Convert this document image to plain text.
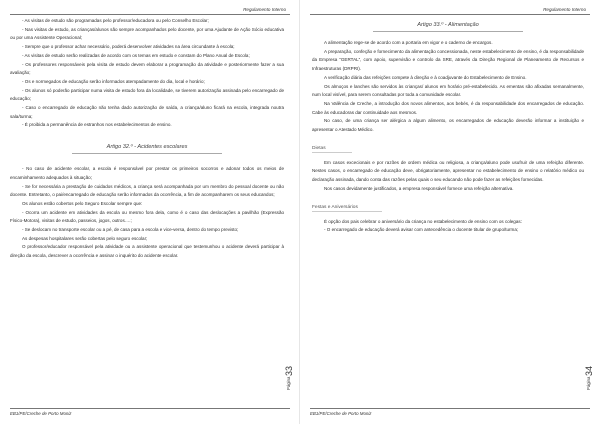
Regulamento Interno

- As visitas de estudo são programadas pelo professor/educadora ou pelo Conselho Escolar;

- Nas visitas de estudo, as crianças/alunos são sempre acompanhados pelo docente, por uma Ajudante de Ação Sócio educativa ou por uma Assistente Operacional;

- Sempre que o professor achar necessário, poderá desenvolver atividades na área circundante à escola;

- As visitas de estudo serão realizadas de acordo com os temas em estudo e constam do Plano Anual de Escola;

- Os professores responsáveis pela visita de estudo devem elaborar a programação da atividade e posteriormente fazer a sua avaliação;

- Os e normegados de educação serão informados atempadamente do dia, local e horário;

- Os alunos só poderão participar numa visita de estudo fora da localidade, se tiverem autorização assinada pelo encarregado de educação;

- Caso o encarregado de educação não tenha dado autorização de saída, a criança/aluno ficará na escola, integrada noutra sala/turma;

- É proibida a permanência de estranhos nos estabelecimentos de ensino.

Artigo 32.º - Acidentes escolares

- No caso de acidente escolar, a escola é responsável por prestar os primeiros socorros e adonar todos os meios de encaminhamento adequados à situação;

- Se for necessária a prestação de cuidados médicos, a criança será acompanhada por um membro do pessoal docente ou não docente. Entretanto, o pai/encarregado de educação serão informados da ocorrência, a fim de acompanharem os seus educandos;

Os alunos estão cobertos pelo Seguro Escolar sempre que:

- Ocorra um acidente em atividades da escola ou mesmo fora dela, como é o caso das deslocações a pavilhão (Expressão Físico-Motora), visitas de estudo, passeios, jogos, outros….;

- Se deslocam no transporte escolar ou a pé, de casa para a escola e vice-versa, dentro do tempo previsto;

As despesas hospitalares serão cobertas pelo seguro escolar;

O professor/educador responsável pela atividade ou a assistente operacional que testemunhou o acidente deverá participar à direção da escola, descrever a ocorrência e assinar o inquérito do acidente escolar.

Página
33
EB1/PE/Creche de Porto Moniz
Regulamento Interno

Artigo 33.º - Alimentação

A alimentação rege-se de acordo com a portaria em vigor e o caderno de encargos.

A preparação, confeção e fornecimento da alimentação concessionada, neste estabelecimento de ensino, é da responsabilidade da Empresa “GERTAL”, com apoio, supervisão e controlo da SRE, através da Direção Regional de Planeamento de Recursos e Infraestruturas (DRPRI).

A verificação diária das refeições compete à direção e à coadjuvante do Estabelecimento de Ensino.

Os almoços e lanches são servidos às crianças/ alunos em horário pré-estabelecido. As ementas são afixadas semanalmente, num local visível, para serem consultadas por toda a comunidade escolar.

Na Valência de Creche, a introdução dos novos alimentos, aos bebés, é da responsabilidade dos encarregados de educação. Cabe às educadoras dar continuidade aos mesmos.

No caso, de uma criança ser alérgica a algum alimento, os encarregados de educação deverão informar a instituição e apresentar o Atestado Médico.

Dietas

Em casos excecionais e por razões de ordem médica ou religiosa, a criança/aluno pode usufruir de uma refeição diferente. Nestes casos, o encarregado de educação deve, obrigatoriamente, apresentar no estabelecimento de ensino o relatório médico ou declaração assinada, dando conta das razões pelas quais o seu educando não pode fazer as refeições fornecidas.

Nos casos devidamente justificados, a empresa responsável fornece uma refeição alternativa.

Festas e Aniversários

É opção dos pais celebrar o aniversário da criança no estabelecimento de ensino com os colegas:

- O encarregado de educação deverá avisar com antecedência o docente titular de grupo/turma;

Página
34
EB1/PE/Creche de Porto Moniz
